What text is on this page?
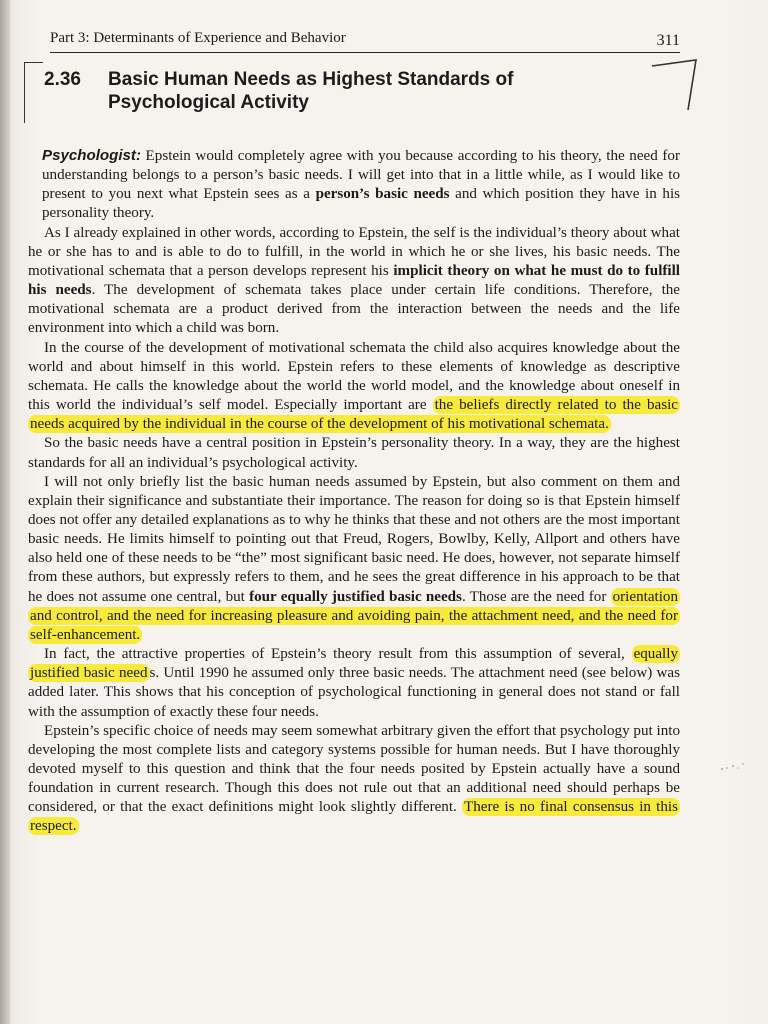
Part 3: Determinants of Experience and Behavior	311
2.36 Basic Human Needs as Highest Standards of Psychological Activity

Psychologist: Epstein would completely agree with you because according to his theory, the need for understanding belongs to a person’s basic needs. I will get into that in a little while, as I would like to present to you next what Epstein sees as a person’s basic needs and which position they have in his personality theory.

As I already explained in other words, according to Epstein, the self is the individual’s theory about what he or she has to and is able to do to fulfill, in the world in which he or she lives, his basic needs. The motivational schemata that a person develops represent his implicit theory on what he must do to fulfill his needs. The development of schemata takes place under certain life conditions. Therefore, the motivational schemata are a product derived from the interaction between the needs and the life environment into which a child was born.

In the course of the development of motivational schemata the child also acquires knowledge about the world and about himself in this world. Epstein refers to these elements of knowledge as descriptive schemata. He calls the knowledge about the world the world model, and the knowledge about oneself in this world the individual’s self model. Especially important are the beliefs directly related to the basic needs acquired by the individual in the course of the development of his motivational schemata.

So the basic needs have a central position in Epstein’s personality theory. In a way, they are the highest standards for all an individual’s psychological activity.

I will not only briefly list the basic human needs assumed by Epstein, but also comment on them and explain their significance and substantiate their importance. The reason for doing so is that Epstein himself does not offer any detailed explanations as to why he thinks that these and not others are the most important basic needs. He limits himself to pointing out that Freud, Rogers, Bowlby, Kelly, Allport and others have also held one of these needs to be “the” most significant basic need. He does, however, not separate himself from these authors, but expressly refers to them, and he sees the great difference in his approach to be that he does not assume one central, but four equally justified basic needs. Those are the need for orientation and control, and the need for increasing pleasure and avoiding pain, the attachment need, and the need for self-enhancement.

In fact, the attractive properties of Epstein’s theory result from this assumption of several, equally justified basic need s. Until 1990 he assumed only three basic needs. The attachment need (see below) was added later. This shows that his conception of psychological functioning in general does not stand or fall with the assumption of exactly these four needs.

Epstein’s specific choice of needs may seem somewhat arbitrary given the effort that psychology put into developing the most complete lists and category systems possible for human needs. But I have thoroughly devoted myself to this question and think that the four needs posited by Epstein actually have a sound foundation in current research. Though this does not rule out that an additional need should perhaps be considered, or that the exact definitions might look slightly different. There is no final consensus in this respect.
